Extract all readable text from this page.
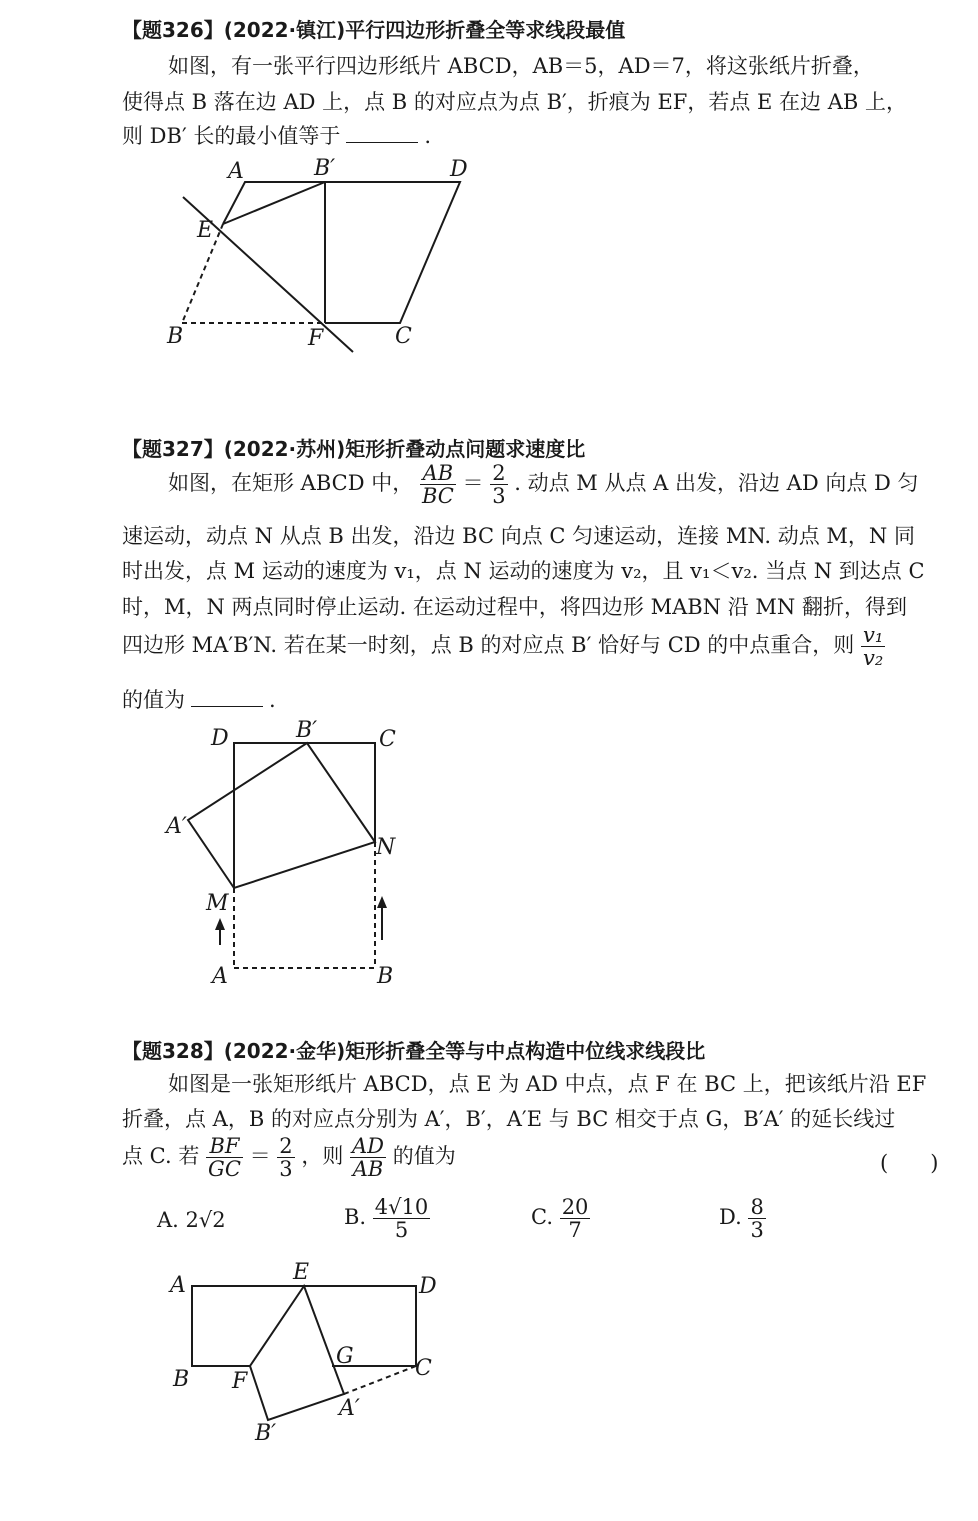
【题326】(2022·镇江)平行四边形折叠全等求线段最值
如图，有一张平行四边形纸片 ABCD，AB＝5，AD＝7，将这张纸片折叠，
使得点 B 落在边 AD 上，点 B 的对应点为点 B′，折痕为 EF，若点 E 在边 AB 上，
则 DB′ 长的最小值等于	.
A	B′	D
E
B	F	C
【题327】(2022·苏州)矩形折叠动点问题求速度比
如图，在矩形 ABCD 中， $\frac{AB}{BC} = \frac{2}{3}$ . 动点 M 从点 A 出发，沿边 AD 向点 D 匀
速运动，动点 N 从点 B 出发，沿边 BC 向点 C 匀速运动，连接 MN. 动点 M，N 同
时出发，点 M 运动的速度为 v₁，点 N 运动的速度为 v₂，且 v₁＜v₂. 当点 N 到达点 C
时，M，N 两点同时停止运动. 在运动过程中，将四边形 MABN 沿 MN 翻折，得到
四边形 MA′B′N. 若在某一时刻，点 B 的对应点 B′ 恰好与 CD 的中点重合，则 $\frac{\text{v₁}}{\text{v₂}}$
的值为	.
D	B′	C
A′
N
M
A	B
【题328】(2022·金华)矩形折叠全等与中点构造中位线求线段比
如图是一张矩形纸片 ABCD，点 E 为 AD 中点，点 F 在 BC 上，把该纸片沿 EF
折叠，点 A，B 的对应点分别为 A′，B′，A′E 与 BC 相交于点 G，B′A′ 的延长线过
点 C. 若 $\frac{BF}{GC} = \frac{2}{3}$ ，则 $\frac{AD}{AB}$ 的值为	(　　)
A. 2√2	B. $\frac{4√10}{5}$	C. $\frac{20}{7}$	D. $\frac{8}{3}$
A
E
D
G	C
B F
A′
B′
